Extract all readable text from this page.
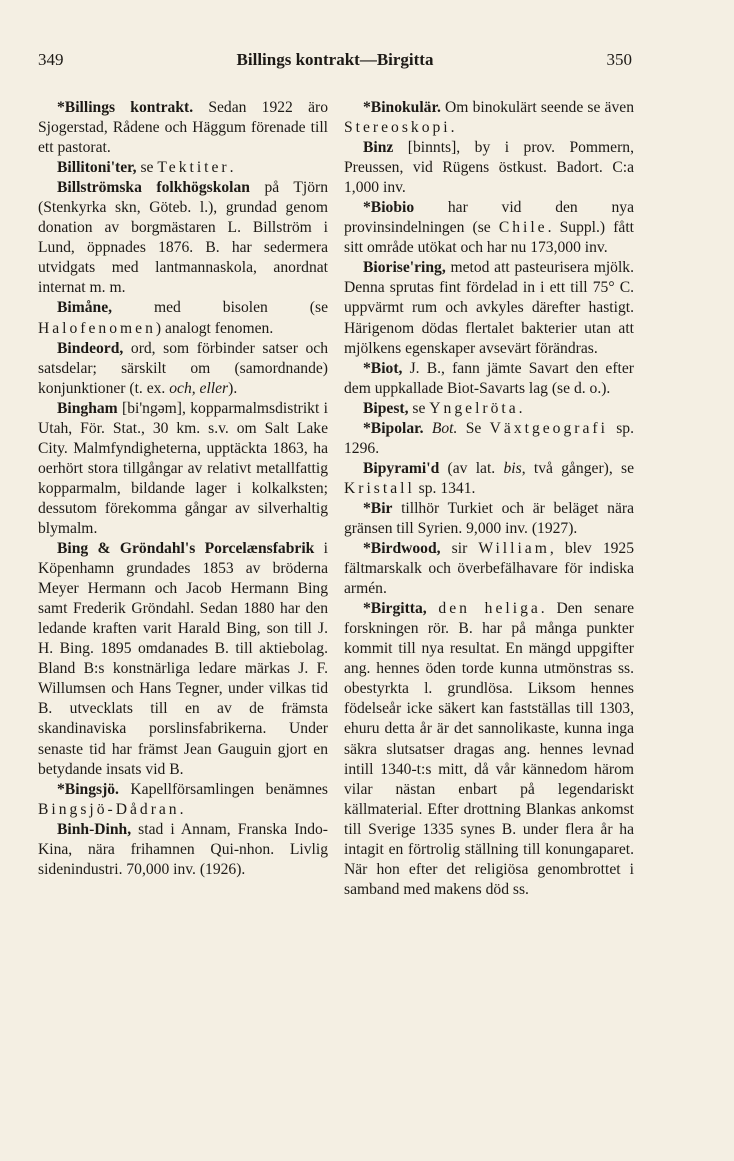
349	Billings kontrakt—Birgitta	350

*Billings kontrakt. Sedan 1922 äro Sjogerstad, Rådene och Häggum förenade till ett pastorat.

Billitoni'ter, se Tektiter.

Billströmska folkhögskolan på Tjörn (Stenkyrka skn, Göteb. l.), grundad genom donation av borgmästaren L. Billström i Lund, öppnades 1876. B. har sedermera utvidgats med lantmannaskola, anordnat internat m. m.

Bimåne, med bisolen (se Halofenomen) analogt fenomen.

Bindeord, ord, som förbinder satser och satsdelar; särskilt om (samordnande) konjunktioner (t. ex. och, eller).

Bingham [bi'ngəm], kopparmalmsdistrikt i Utah, För. Stat., 30 km. s.v. om Salt Lake City. Malmfyndigheterna, upptäckta 1863, ha oerhört stora tillgångar av relativt metallfattig kopparmalm, bildande lager i kolkalksten; dessutom förekomma gångar av silverhaltig blymalm.

Bing & Gröndahl's Porcelænsfabrik i Köpenhamn grundades 1853 av bröderna Meyer Hermann och Jacob Hermann Bing samt Frederik Gröndahl. Sedan 1880 har den ledande kraften varit Harald Bing, son till J. H. Bing. 1895 omdanades B. till aktiebolag. Bland B:s konstnärliga ledare märkas J. F. Willumsen och Hans Tegner, under vilkas tid B. utvecklats till en av de främsta skandinaviska porslinsfabrikerna. Under senaste tid har främst Jean Gauguin gjort en betydande insats vid B.

*Bingsjö. Kapellförsamlingen benämnes Bingsjö-Dådran.

Binh-Dinh, stad i Annam, Franska Indo-Kina, nära frihamnen Qui-nhon. Livlig sidenindustri. 70,000 inv. (1926).

*Binokulär. Om binokulärt seende se även Stereoskopi.

Binz [binnts], by i prov. Pommern, Preussen, vid Rügens östkust. Badort. C:a 1,000 inv.

*Biobio har vid den nya provinsindelningen (se Chile. Suppl.) fått sitt område utökat och har nu 173,000 inv.

Biorise'ring, metod att pasteurisera mjölk. Denna sprutas fint fördelad in i ett till 75° C. uppvärmt rum och avkyles därefter hastigt. Härigenom dödas flertalet bakterier utan att mjölkens egenskaper avsevärt förändras.

*Biot, J. B., fann jämte Savart den efter dem uppkallade Biot-Savarts lag (se d. o.).

Bipest, se Yngelröta.

*Bipolar. Bot. Se Växtgeografi sp. 1296.

Bipyrami'd (av lat. bis, två gånger), se Kristall sp. 1341.

*Bir tillhör Turkiet och är beläget nära gränsen till Syrien. 9,000 inv. (1927).

*Birdwood, sir William, blev 1925 fältmarskalk och överbefälhavare för indiska armén.

*Birgitta, den heliga. Den senare forskningen rör. B. har på många punkter kommit till nya resultat. En mängd uppgifter ang. hennes öden torde kunna utmönstras ss. obestyrkta l. grundlösa. Liksom hennes födelseår icke säkert kan fastställas till 1303, ehuru detta år är det sannolikaste, kunna inga säkra slutsatser dragas ang. hennes levnad intill 1340-t:s mitt, då vår kännedom härom vilar nästan enbart på legendariskt källmaterial. Efter drottning Blankas ankomst till Sverige 1335 synes B. under flera år ha intagit en förtrolig ställning till konungaparet. När hon efter det religiösa genombrottet i samband med makens död ss.
